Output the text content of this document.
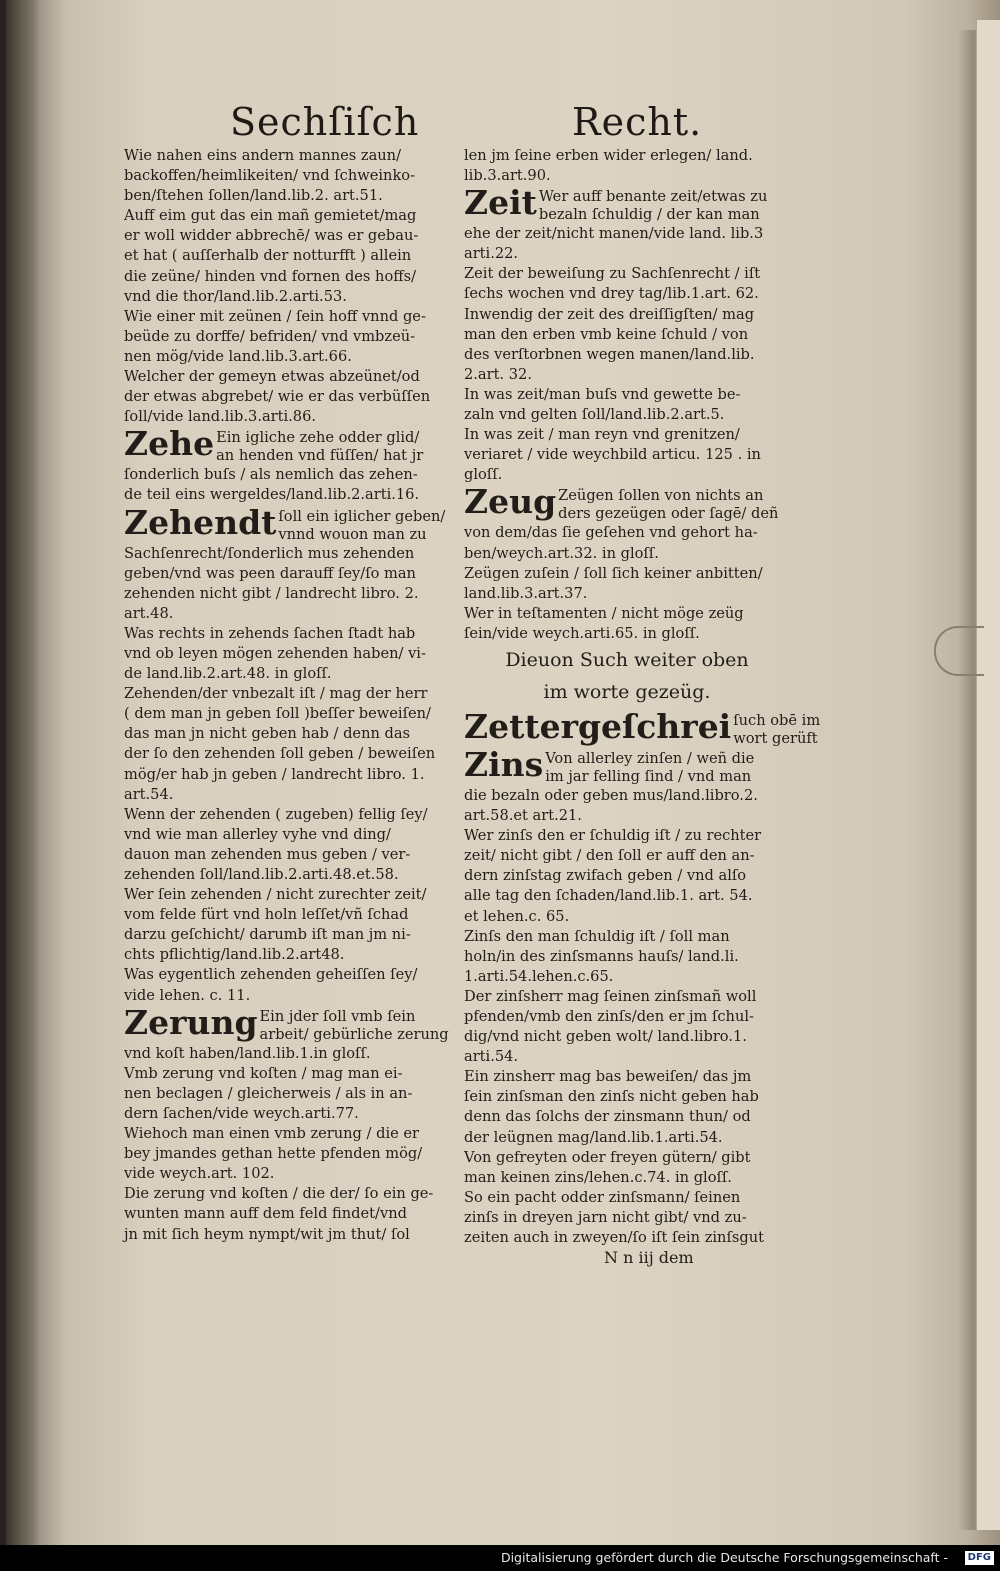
Sechſiſch	Recht.
Wie nahen eins andern mannes zaun/
backoffen/heimlikeiten/ vnd ſchweinko-
ben/ſtehen ſollen/land.lib.2. art.51.
Auff eim gut das ein mañ gemietet/mag
er woll widder abbrechē/ was er gebau-
et hat ( auſſerhalb der notturfft ) allein
die zeüne/ hinden vnd fornen des hoffs/
vnd die thor/land.lib.2.arti.53.
Wie einer mit zeünen / ſein hoff vnnd ge-
beüde zu dorffe/ befriden/ vnd vmbzeü-
nen mög/vide land.lib.3.art.66.
Welcher der gemeyn etwas abzeünet/od
der etwas abgrebet/ wie er das verbüſſen
ſoll/vide land.lib.3.arti.86.
Zehe Ein igliche zehe odder glid/
an henden vnd füſſen/ hat jr
ſonderlich buſs / als nemlich das zehen-
de teil eins wergeldes/land.lib.2.arti.16.
Zehendt ſoll ein iglicher geben/
vnnd wouon man zu
Sachſenrecht/ſonderlich mus zehenden
geben/vnd was peen darauff ſey/ſo man
zehenden nicht gibt / landrecht libro. 2.
art.48.
Was rechts in zehends ſachen ſtadt hab
vnd ob leyen mögen zehenden haben/ vi-
de land.lib.2.art.48. in gloſſ.
Zehenden/der vnbezalt iſt / mag der herr
( dem man jn geben ſoll )beſſer beweiſen/
das man jn nicht geben hab / denn das
der ſo den zehenden ſoll geben / beweiſen
mög/er hab jn geben / landrecht libro. 1.
art.54.
Wenn der zehenden ( zugeben) fellig ſey/
vnd wie man allerley vyhe vnd ding/
dauon man zehenden mus geben / ver-
zehenden ſoll/land.lib.2.arti.48.et.58.
Wer ſein zehenden / nicht zurechter zeit/
vom felde fürt vnd holn leſſet/vñ ſchad
darzu geſchicht/ darumb iſt man jm ni-
chts pflichtig/land.lib.2.art48.
Was eygentlich zehenden geheiſſen ſey/
vide lehen. c. 11.
Zerung Ein jder ſoll vmb ſein
arbeit/ gebürliche zerung
vnd koſt haben/land.lib.1.in gloſſ.
Vmb zerung vnd koſten / mag man ei-
nen beclagen / gleicherweis / als in an-
dern ſachen/vide weych.arti.77.
Wiehoch man einen vmb zerung / die er
bey jmandes gethan hette pfenden mög/
vide weych.art. 102.
Die zerung vnd koſten / die der/ ſo ein ge-
wunten mann auff dem feld findet/vnd
jn mit ſich heym nympt/wit jm thut/ ſol
len jm ſeine erben wider erlegen/ land.
lib.3.art.90.
Zeit Wer auff benante zeit/etwas zu
bezaln ſchuldig / der kan man
ehe der zeit/nicht manen/vide land. lib.3
arti.22.
Zeit der beweiſung zu Sachſenrecht / iſt
ſechs wochen vnd drey tag/lib.1.art. 62.
Inwendig der zeit des dreiſſigſten/ mag
man den erben vmb keine ſchuld / von
des verſtorbnen wegen manen/land.lib.
2.art. 32.
In was zeit/man buſs vnd gewette be-
zaln vnd gelten ſoll/land.lib.2.art.5.
In was zeit / man reyn vnd grenitzen/
veriaret / vide weychbild articu. 125 . in
gloſſ.
Zeug Zeügen ſollen von nichts an
ders gezeügen oder ſagē/ deñ
von dem/das ſie geſehen vnd gehort ha-
ben/weych.art.32. in gloſſ.
Zeügen zuſein / ſoll ſich keiner anbitten/
land.lib.3.art.37.
Wer in teſtamenten / nicht möge zeüg
ſein/vide weych.arti.65. in gloſſ.
Dieuon Such weiter oben
im worte gezeüg.
Zettergeſchrei ſuch obē im
wort gerüft
Zins Von allerley zinſen / weñ die
im jar felling ſind / vnd man
die bezaln oder geben mus/land.libro.2.
art.58.et art.21.
Wer zinſs den er ſchuldig iſt / zu rechter
zeit/ nicht gibt / den ſoll er auff den an-
dern zinſstag zwifach geben / vnd alſo
alle tag den ſchaden/land.lib.1. art. 54.
et lehen.c. 65.
Zinſs den man ſchuldig iſt / ſoll man
holn/in des zinſsmanns hauſs/ land.li.
1.arti.54.lehen.c.65.
Der zinſsherr mag ſeinen zinſsmañ woll
pfenden/vmb den zinſs/den er jm ſchul-
dig/vnd nicht geben wolt/ land.libro.1.
arti.54.
Ein zinsherr mag bas beweiſen/ das jm
ſein zinſsman den zinſs nicht geben hab
denn das ſolchs der zinsmann thun/ od
der leügnen mag/land.lib.1.arti.54.
Von gefreyten oder freyen gütern/ gibt
man keinen zins/lehen.c.74. in gloſſ.
So ein pacht odder zinſsmann/ ſeinen
zinſs in dreyen jarn nicht gibt/ vnd zu-
zeiten auch in zweyen/ſo iſt ſein zinſsgut
N n iij dem
Digitalisierung gefördert durch die Deutsche Forschungsgemeinschaft -	DFG
